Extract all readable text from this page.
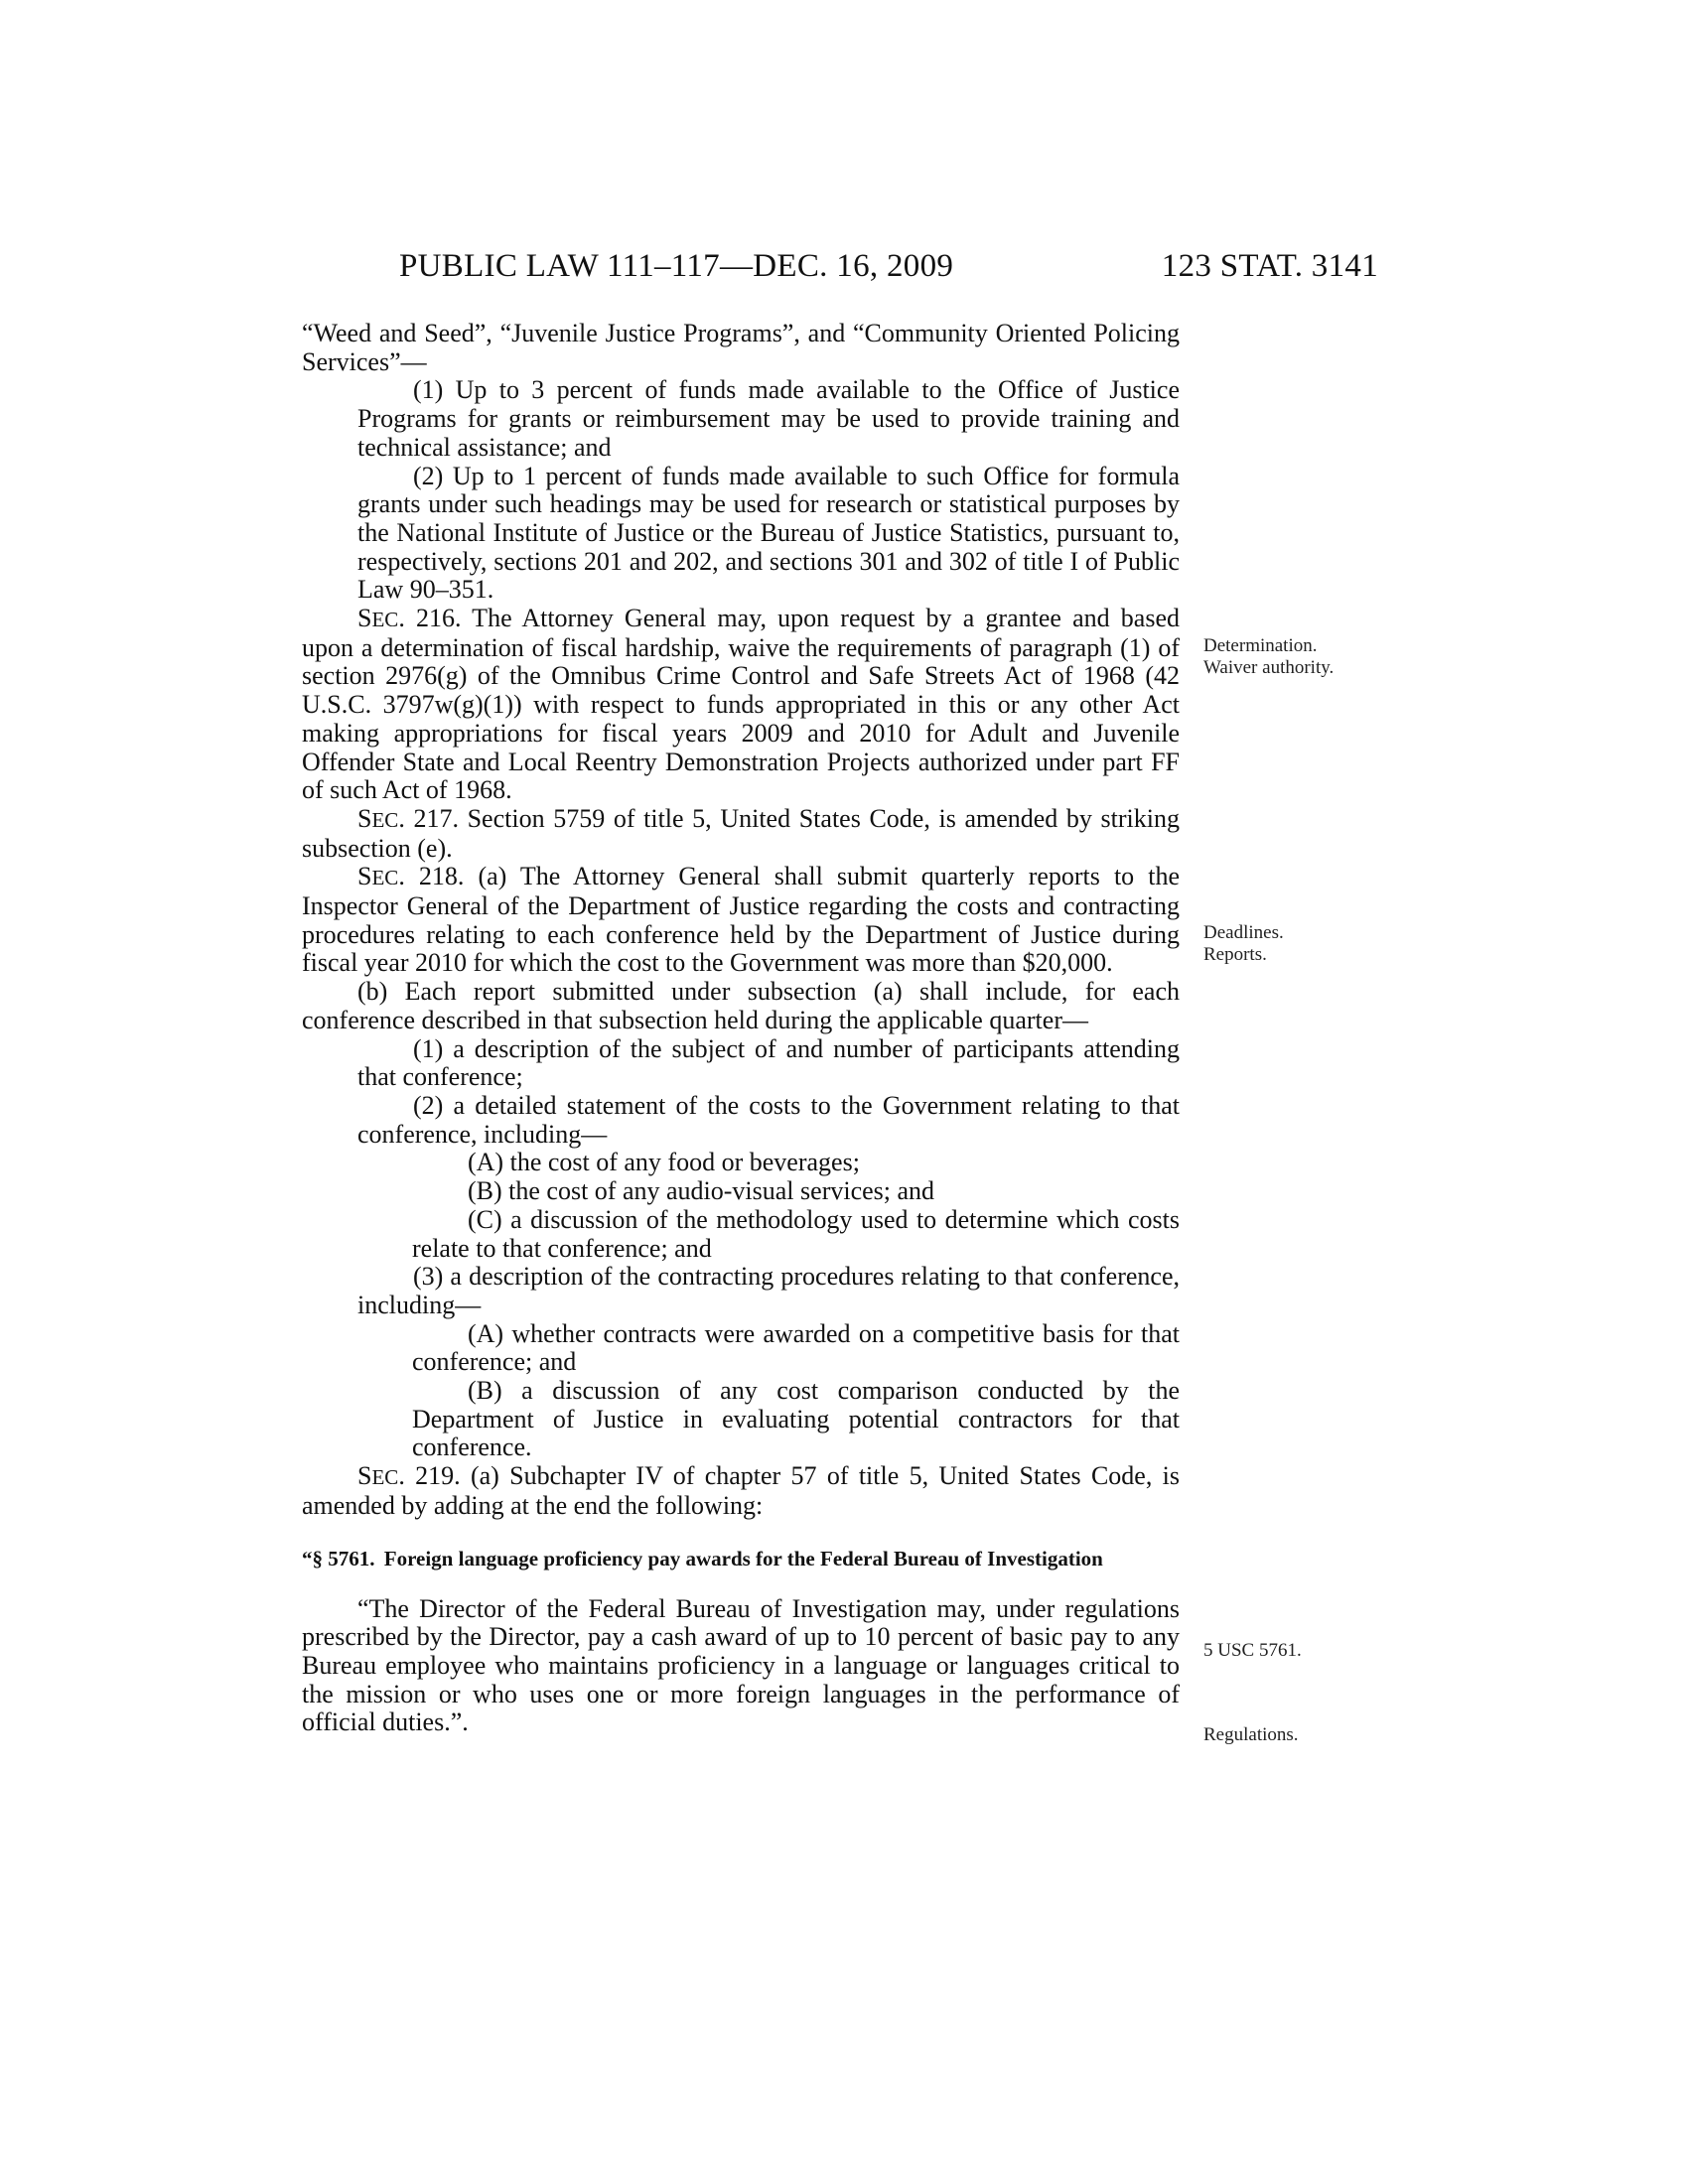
PUBLIC LAW 111–117—DEC. 16, 2009	123 STAT. 3141

“Weed and Seed”, “Juvenile Justice Programs”, and “Community Oriented Policing Services”—

(1) Up to 3 percent of funds made available to the Office of Justice Programs for grants or reimbursement may be used to provide training and technical assistance; and

(2) Up to 1 percent of funds made available to such Office for formula grants under such headings may be used for research or statistical purposes by the National Institute of Justice or the Bureau of Justice Statistics, pursuant to, respectively, sections 201 and 202, and sections 301 and 302 of title I of Public Law 90–351.

SEC. 216. The Attorney General may, upon request by a grantee and based upon a determination of fiscal hardship, waive the requirements of paragraph (1) of section 2976(g) of the Omnibus Crime Control and Safe Streets Act of 1968 (42 U.S.C. 3797w(g)(1)) with respect to funds appropriated in this or any other Act making appropriations for fiscal years 2009 and 2010 for Adult and Juvenile Offender State and Local Reentry Demonstration Projects authorized under part FF of such Act of 1968.

SEC. 217. Section 5759 of title 5, United States Code, is amended by striking subsection (e).

SEC. 218. (a) The Attorney General shall submit quarterly reports to the Inspector General of the Department of Justice regarding the costs and contracting procedures relating to each conference held by the Department of Justice during fiscal year 2010 for which the cost to the Government was more than $20,000.

(b) Each report submitted under subsection (a) shall include, for each conference described in that subsection held during the applicable quarter—

(1) a description of the subject of and number of participants attending that conference;

(2) a detailed statement of the costs to the Government relating to that conference, including—

(A) the cost of any food or beverages;

(B) the cost of any audio-visual services; and

(C) a discussion of the methodology used to determine which costs relate to that conference; and

(3) a description of the contracting procedures relating to that conference, including—

(A) whether contracts were awarded on a competitive basis for that conference; and

(B) a discussion of any cost comparison conducted by the Department of Justice in evaluating potential contractors for that conference.

SEC. 219. (a) Subchapter IV of chapter 57 of title 5, United States Code, is amended by adding at the end the following:

“§ 5761. Foreign language proficiency pay awards for the Federal Bureau of Investigation

“The Director of the Federal Bureau of Investigation may, under regulations prescribed by the Director, pay a cash award of up to 10 percent of basic pay to any Bureau employee who maintains proficiency in a language or languages critical to the mission or who uses one or more foreign languages in the performance of official duties.”.

Determination.
Waiver authority.
Deadlines.
Reports.
5 USC 5761.
Regulations.
